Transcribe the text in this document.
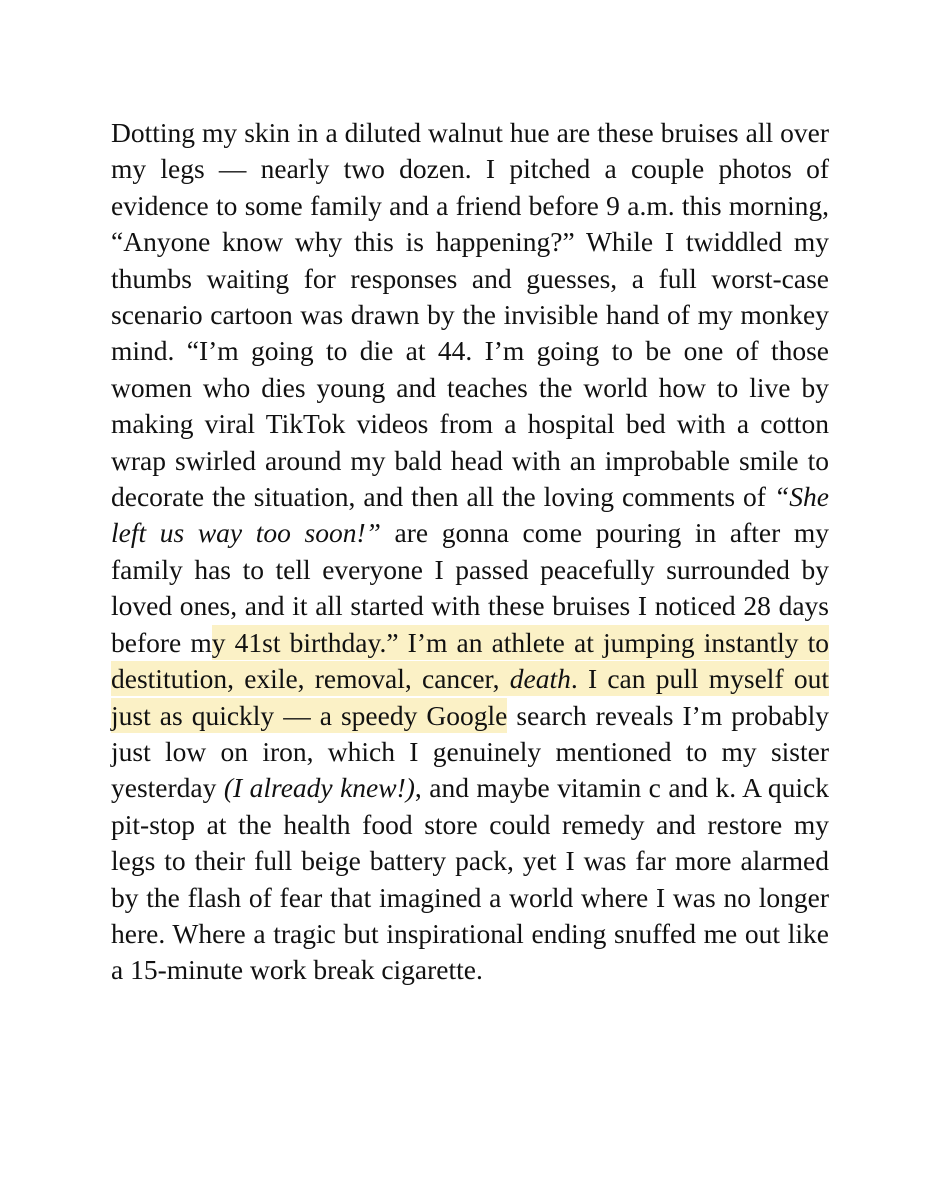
Dotting my skin in a diluted walnut hue are these bruises all over my legs — nearly two dozen. I pitched a couple photos of evidence to some family and a friend before 9 a.m. this morning, “Anyone know why this is happening?” While I twiddled my thumbs waiting for responses and guesses, a full worst-case scenario cartoon was drawn by the invisible hand of my monkey mind. “I’m going to die at 44. I’m going to be one of those women who dies young and teaches the world how to live by making viral TikTok videos from a hospital bed with a cotton wrap swirled around my bald head with an improbable smile to decorate the situation, and then all the loving comments of “She left us way too soon!” are gonna come pouring in after my family has to tell everyone I passed peacefully surrounded by loved ones, and it all started with these bruises I noticed 28 days before my 41st birthday.” I’m an athlete at jumping instantly to destitution, exile, removal, cancer, death. I can pull myself out just as quickly — a speedy Google search reveals I’m probably just low on iron, which I genuinely mentioned to my sister yesterday (I already knew!), and maybe vitamin c and k. A quick pit-stop at the health food store could remedy and restore my legs to their full beige battery pack, yet I was far more alarmed by the flash of fear that imagined a world where I was no longer here. Where a tragic but inspirational ending snuffed me out like a 15-minute work break cigarette.
